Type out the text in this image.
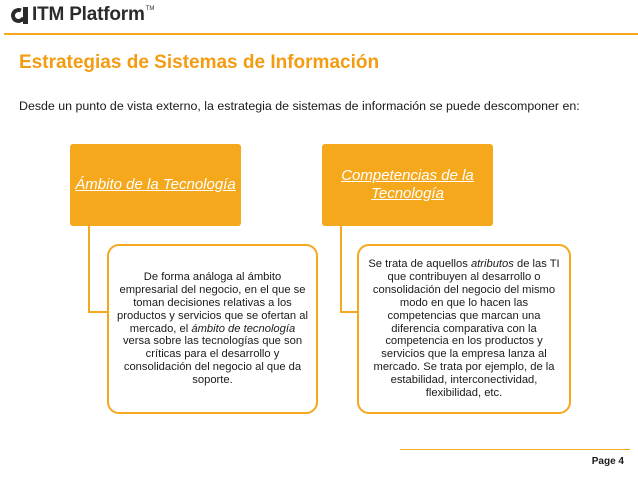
ITM Platform TM
Estrategias de Sistemas de Información
Desde un punto de vista externo, la estrategia de sistemas de información se puede descomponer en:
Ámbito de la Tecnología
Competencias de la Tecnología

De forma análoga al ámbito empresarial del negocio, en el que se toman decisiones relativas a los productos y servicios que se ofertan al mercado, el ámbito de tecnología versa sobre las tecnologías que son críticas para el desarrollo y consolidación del negocio al que da soporte.

Se trata de aquellos atributos de las TI que contribuyen al desarrollo o consolidación del negocio del mismo modo en que lo hacen las competencias que marcan una diferencia comparativa con la competencia en los productos y servicios que la empresa lanza al mercado. Se trata por ejemplo, de la estabilidad, interconectividad, flexibilidad, etc.

Page 4
